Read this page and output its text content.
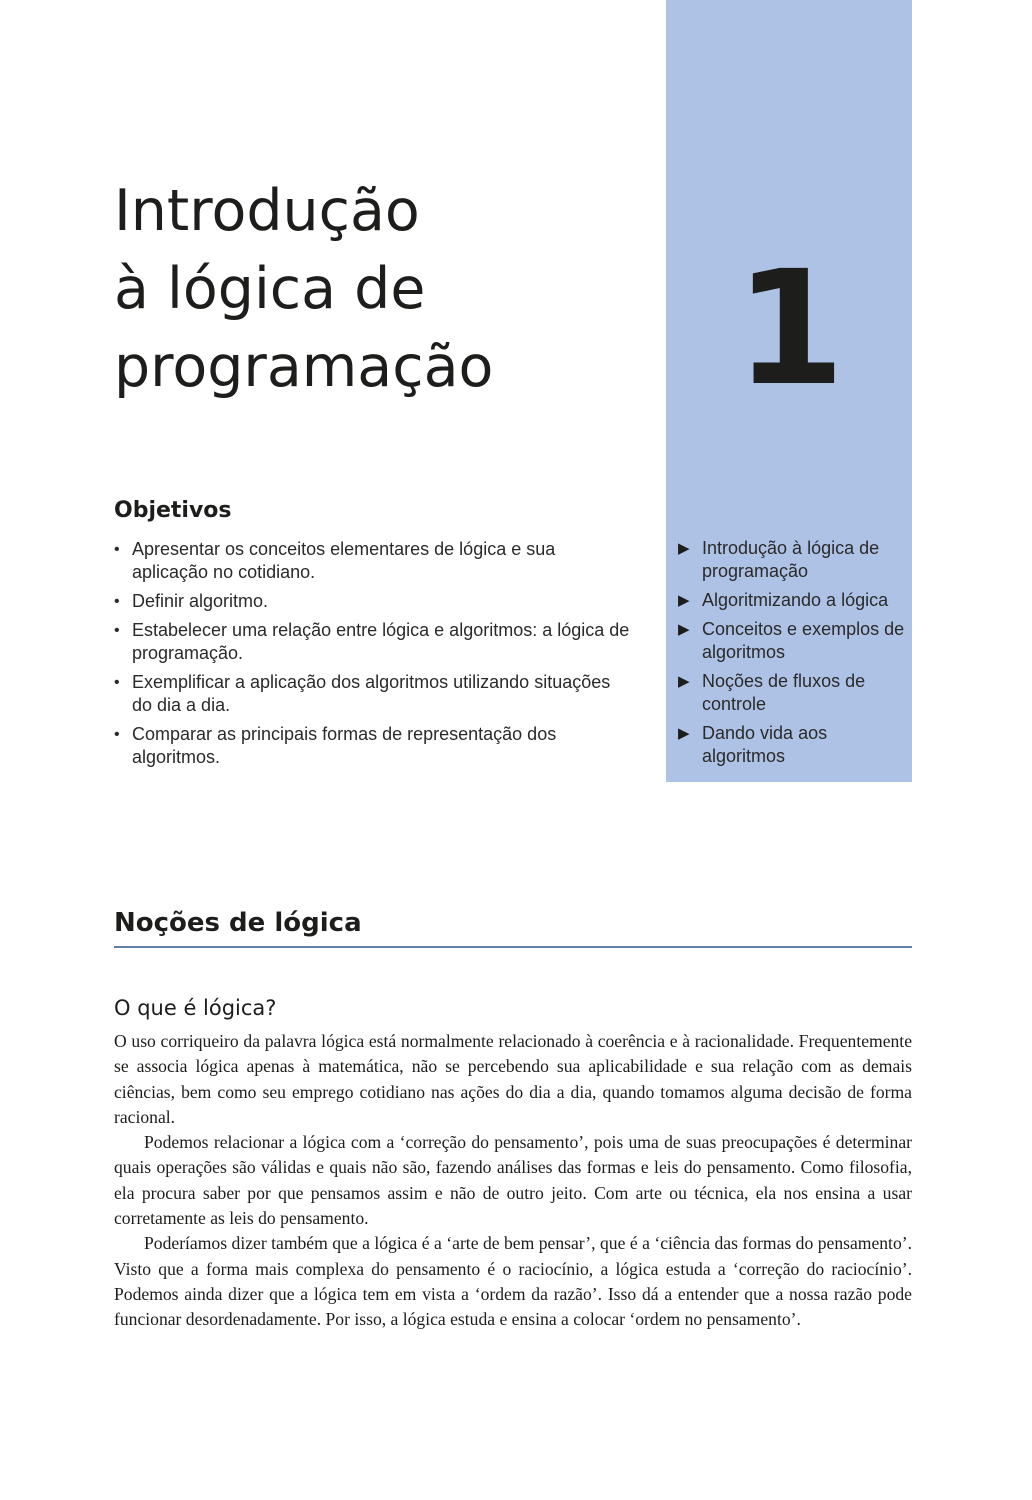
1
Introdução
à lógica de
programação
Objetivos
• Apresentar os conceitos elementares de lógica e sua aplicação no cotidiano.
• Definir algoritmo.
• Estabelecer uma relação entre lógica e algoritmos: a lógica de programação.
• Exemplificar a aplicação dos algoritmos utilizando situações do dia a dia.
• Comparar as principais formas de representação dos algoritmos.
▶ Introdução à lógica de programação
▶ Algoritmizando a lógica
▶ Conceitos e exemplos de algoritmos
▶ Noções de fluxos de controle
▶ Dando vida aos algoritmos
Noções de lógica
O que é lógica?

O uso corriqueiro da palavra lógica está normalmente relacionado à coerência e à racionalidade. Frequentemente se associa lógica apenas à matemática, não se percebendo sua aplicabilidade e sua relação com as demais ciências, bem como seu emprego cotidiano nas ações do dia a dia, quando tomamos alguma decisão de forma racional.

Podemos relacionar a lógica com a ‘correção do pensamento’, pois uma de suas preocupações é determinar quais operações são válidas e quais não são, fazendo análises das formas e leis do pensamento. Como filosofia, ela procura saber por que pensamos assim e não de outro jeito. Com arte ou técnica, ela nos ensina a usar corretamente as leis do pensamento.

Poderíamos dizer também que a lógica é a ‘arte de bem pensar’, que é a ‘ciência das formas do pensamento’. Visto que a forma mais complexa do pensamento é o raciocínio, a lógica estuda a ‘correção do raciocínio’. Podemos ainda dizer que a lógica tem em vista a ‘ordem da razão’. Isso dá a entender que a nossa razão pode funcionar desordenadamente. Por isso, a lógica estuda e ensina a colocar ‘ordem no pensamento’.
